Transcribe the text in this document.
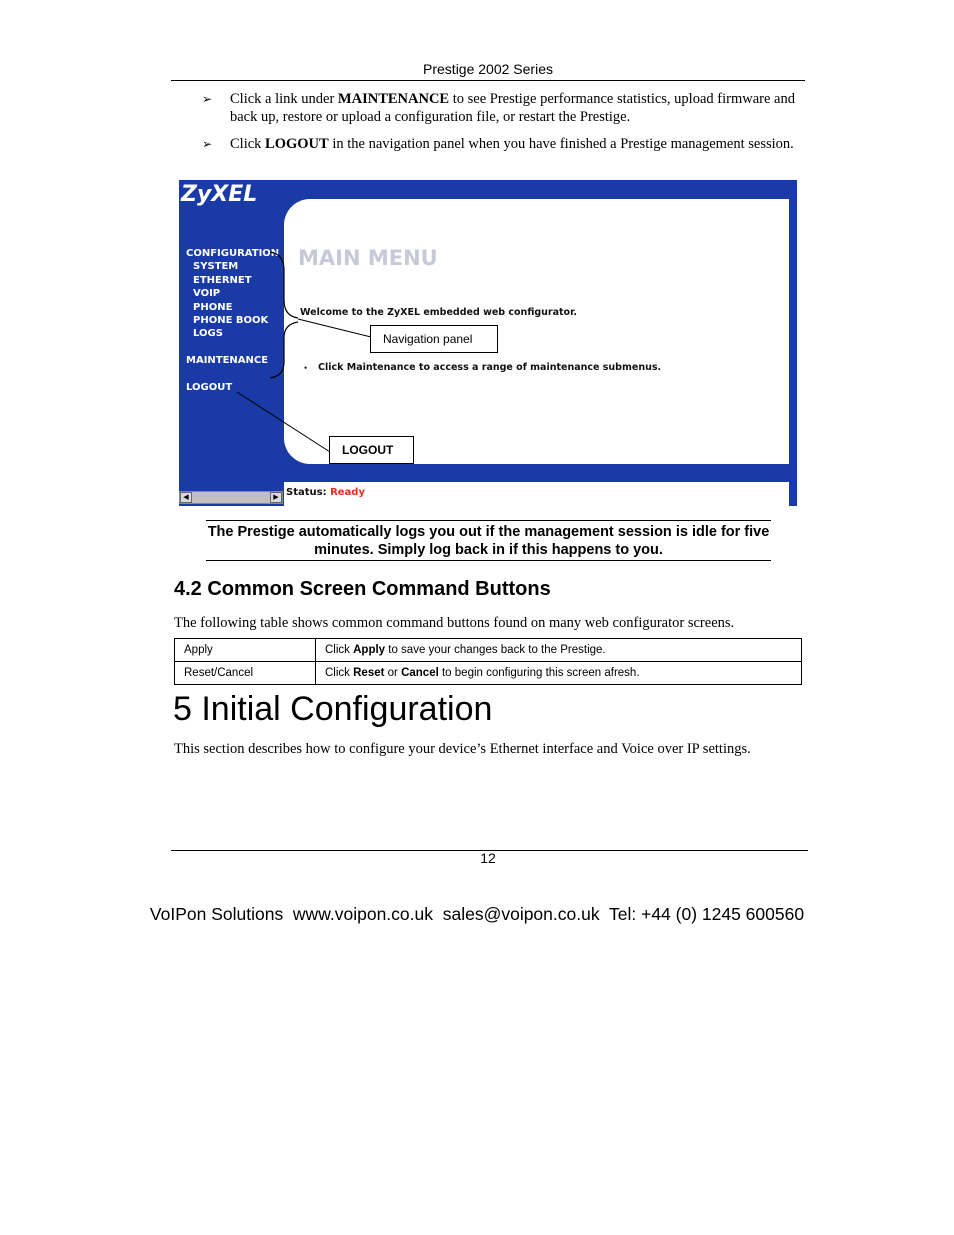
Prestige 2002 Series
➢ Click a link under MAINTENANCE to see Prestige performance statistics, upload firmware and back up, restore or upload a configuration file, or restart the Prestige.
➢ Click LOGOUT in the navigation panel when you have finished a Prestige management session.
ZyXEL
CONFIGURATION
SYSTEM
ETHERNET
VOIP
PHONE
PHONE BOOK
LOGS
MAINTENANCE
LOGOUT
MAIN MENU
Welcome to the ZyXEL embedded web configurator.
• Click Maintenance to access a range of maintenance submenus.
Status: Ready
◀	▶
Navigation panel
LOGOUT
The Prestige automatically logs you out if the management session is idle for five minutes. Simply log back in if this happens to you.
4.2 Common Screen Command Buttons
The following table shows common command buttons found on many web configurator screens.
Apply	Click Apply to save your changes back to the Prestige.
Reset/Cancel	Click Reset or Cancel to begin configuring this screen afresh.
5 Initial Configuration
This section describes how to configure your device’s Ethernet interface and Voice over IP settings.
12
VoIPon Solutions  www.voipon.co.uk  sales@voipon.co.uk  Tel: +44 (0) 1245 600560
